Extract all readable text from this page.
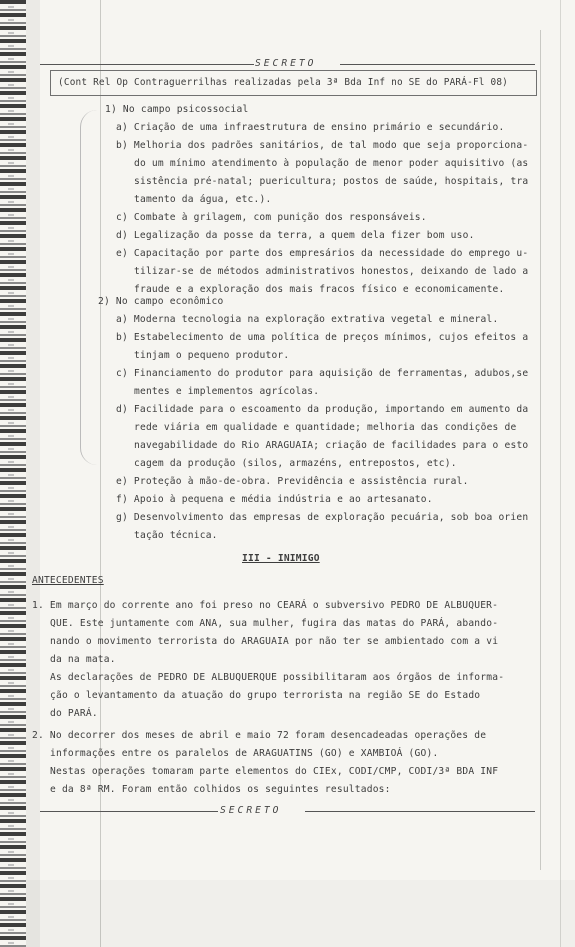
SECRETO
(Cont Rel Op Contraguerrilhas realizadas pela 3ª Bda Inf no SE do PARÁ-Fl 08)
1) No campo psicossocial
a) Criação de uma infraestrutura de ensino primário e secundário.
b) Melhoria dos padrões sanitários, de tal modo que seja proporciona-
do um mínimo atendimento à população de menor poder aquisitivo (as
sistência pré-natal; puericultura; postos de saúde, hospitais, tra
tamento da água, etc.).
c) Combate à grilagem, com punição dos responsáveis.
d) Legalização da posse da terra, a quem dela fizer bom uso.
e) Capacitação por parte dos empresários da necessidade do emprego u-
tilizar-se de métodos administrativos honestos, deixando de lado a
fraude e a exploração dos mais fracos físico e economicamente.
2) No campo econômico
a) Moderna tecnologia na exploração extrativa vegetal e mineral.
b) Estabelecimento de uma política de preços mínimos, cujos efeitos a
tinjam o pequeno produtor.
c) Financiamento do produtor para aquisição de ferramentas, adubos,se
mentes e implementos agrícolas.
d) Facilidade para o escoamento da produção, importando em aumento da
rede viária em qualidade e quantidade; melhoria das condições de
navegabilidade do Rio ARAGUAIA; criação de facilidades para o esto
cagem da produção (silos, armazéns, entrepostos, etc).
e) Proteção à mão-de-obra. Previdência e assistência rural.
f) Apoio à pequena e média indústria e ao artesanato.
g) Desenvolvimento das empresas de exploração pecuária, sob boa orien
tação técnica.
III - INIMIGO
ANTECEDENTES
1. Em março do corrente ano foi preso no CEARÁ o subversivo PEDRO DE ALBUQUER-
QUE. Este juntamente com ANA, sua mulher, fugira das matas do PARÁ, abando-
nando o movimento terrorista do ARAGUAIA por não ter se ambientado com a vi
da na mata.
As declarações de PEDRO DE ALBUQUERQUE possibilitaram aos órgãos de informa-
ção o levantamento da atuação do grupo terrorista na região SE do Estado
do PARÁ.
2. No decorrer dos meses de abril e maio 72 foram desencadeadas operações de
informações entre os paralelos de ARAGUATINS (GO) e XAMBIOÁ (GO).
Nestas operações tomaram parte elementos do CIEx, CODI/CMP, CODI/3ª BDA INF
e da 8ª RM. Foram então colhidos os seguintes resultados:
SECRETO
